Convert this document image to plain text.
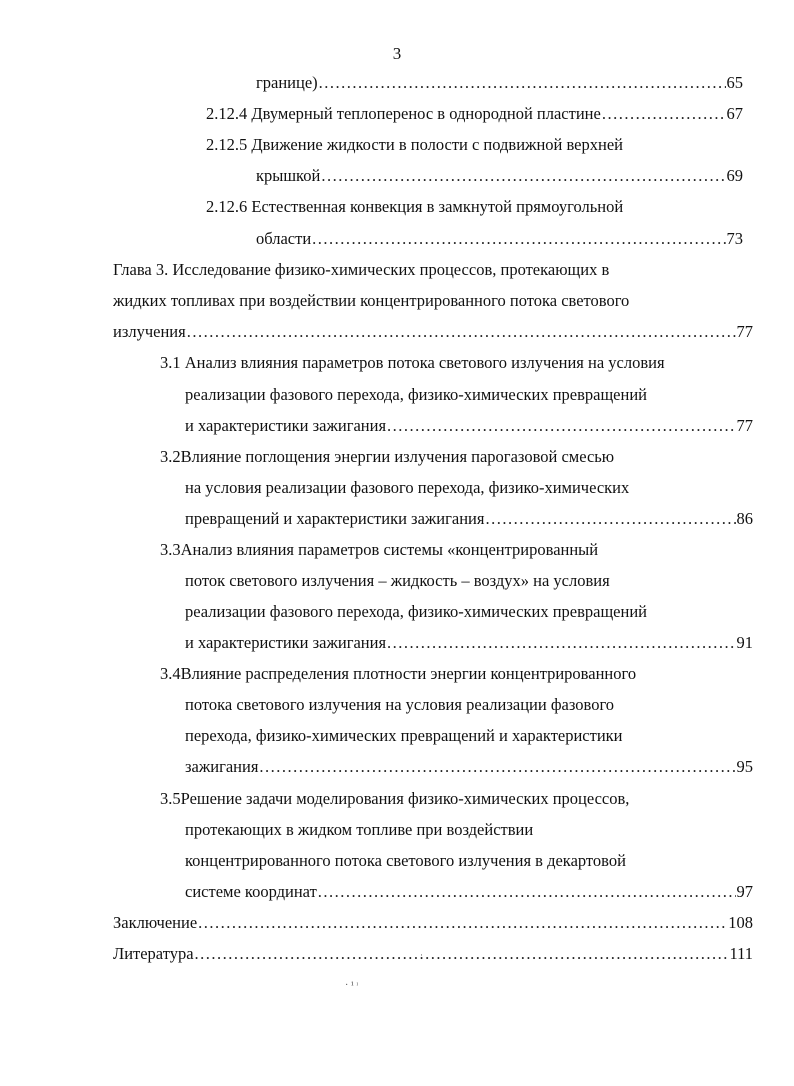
3
границе) .....	65
2.12.4 Двумерный теплоперенос в однородной пластине .....	67
2.12.5 Движение жидкости в полости с подвижной верхней
крышкой .....	69
2.12.6 Естественная конвекция в замкнутой прямоугольной
области .....	73
Глава 3. Исследование физико-химических процессов, протекающих в
жидких топливах при воздействии концентрированного потока светового
излучения .....	77
3.1 Анализ влияния параметров потока светового излучения на условия
реализации фазового перехода, физико-химических превращений
и характеристики зажигания .....	77
3.2Влияние поглощения энергии излучения парогазовой смесью
на условия реализации фазового перехода, физико-химических
превращений и характеристики зажигания .....	86
3.3Анализ влияния параметров системы «концентрированный
поток светового излучения – жидкость – воздух» на условия
реализации фазового перехода, физико-химических превращений
и характеристики зажигания .....	91
3.4Влияние распределения плотности энергии концентрированного
потока светового излучения на условия реализации фазового
перехода, физико-химических превращений и характеристики
зажигания .....	95
3.5Решение задачи моделирования физико-химических процессов,
протекающих в жидком топливе при воздействии
концентрированного потока светового излучения в декартовой
системе координат .....	97
Заключение .....	108
Литература .....	111
·
· ¹ ᶦ
